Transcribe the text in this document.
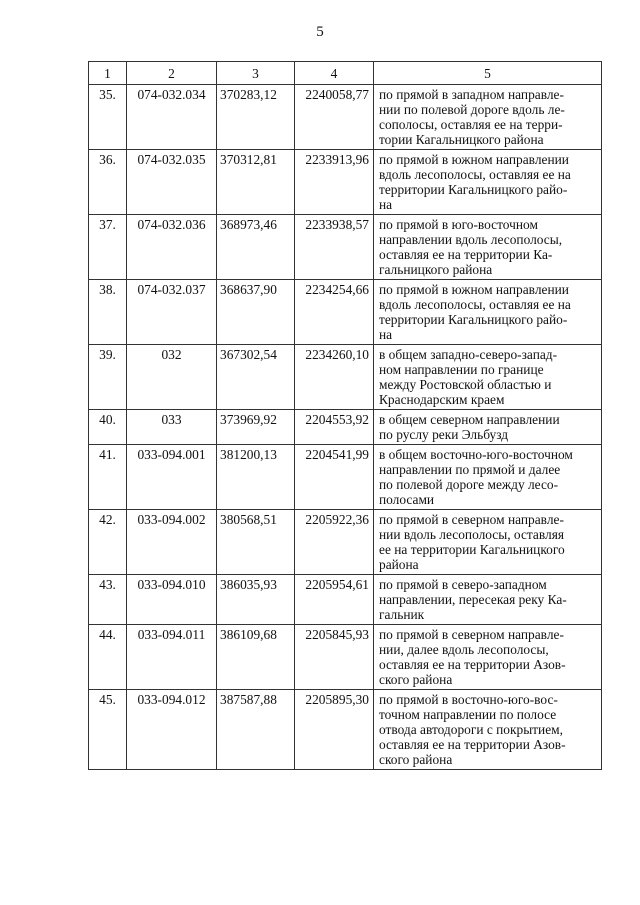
5
1	2	3	4	5
35.	074-032.034	370283,12	2240058,77	по прямой в западном направле-
нии по полевой дороге вдоль ле-
сополосы, оставляя ее на терри-
тории Кагальницкого района

36.	074-032.035	370312,81	2233913,96	по прямой в южном направлении
вдоль лесополосы, оставляя ее на
территории Кагальницкого райо-
на

37.	074-032.036	368973,46	2233938,57	по прямой в юго-восточном
направлении вдоль лесополосы,
оставляя ее на территории Ка-
гальницкого района

38.	074-032.037	368637,90	2234254,66	по прямой в южном направлении
вдоль лесополосы, оставляя ее на
территории Кагальницкого райо-
на

39.	032	367302,54	2234260,10	в общем западно-северо-запад-
ном направлении по границе
между Ростовской областью и
Краснодарским краем

40.	033	373969,92	2204553,92	в общем северном направлении
по руслу реки Эльбузд

41.	033-094.001	381200,13	2204541,99	в общем восточно-юго-восточном
направлении по прямой и далее
по полевой дороге между лесо-
полосами

42.	033-094.002	380568,51	2205922,36	по прямой в северном направле-
нии вдоль лесополосы, оставляя
ее на территории Кагальницкого
района

43.	033-094.010	386035,93	2205954,61	по прямой в северо-западном
направлении, пересекая реку Ка-
гальник

44.	033-094.011	386109,68	2205845,93	по прямой в северном направле-
нии, далее вдоль лесополосы,
оставляя ее на территории Азов-
ского района

45.	033-094.012	387587,88	2205895,30	по прямой в восточно-юго-вос-
точном направлении по полосе
отвода автодороги с покрытием,
оставляя ее на территории Азов-
ского района
